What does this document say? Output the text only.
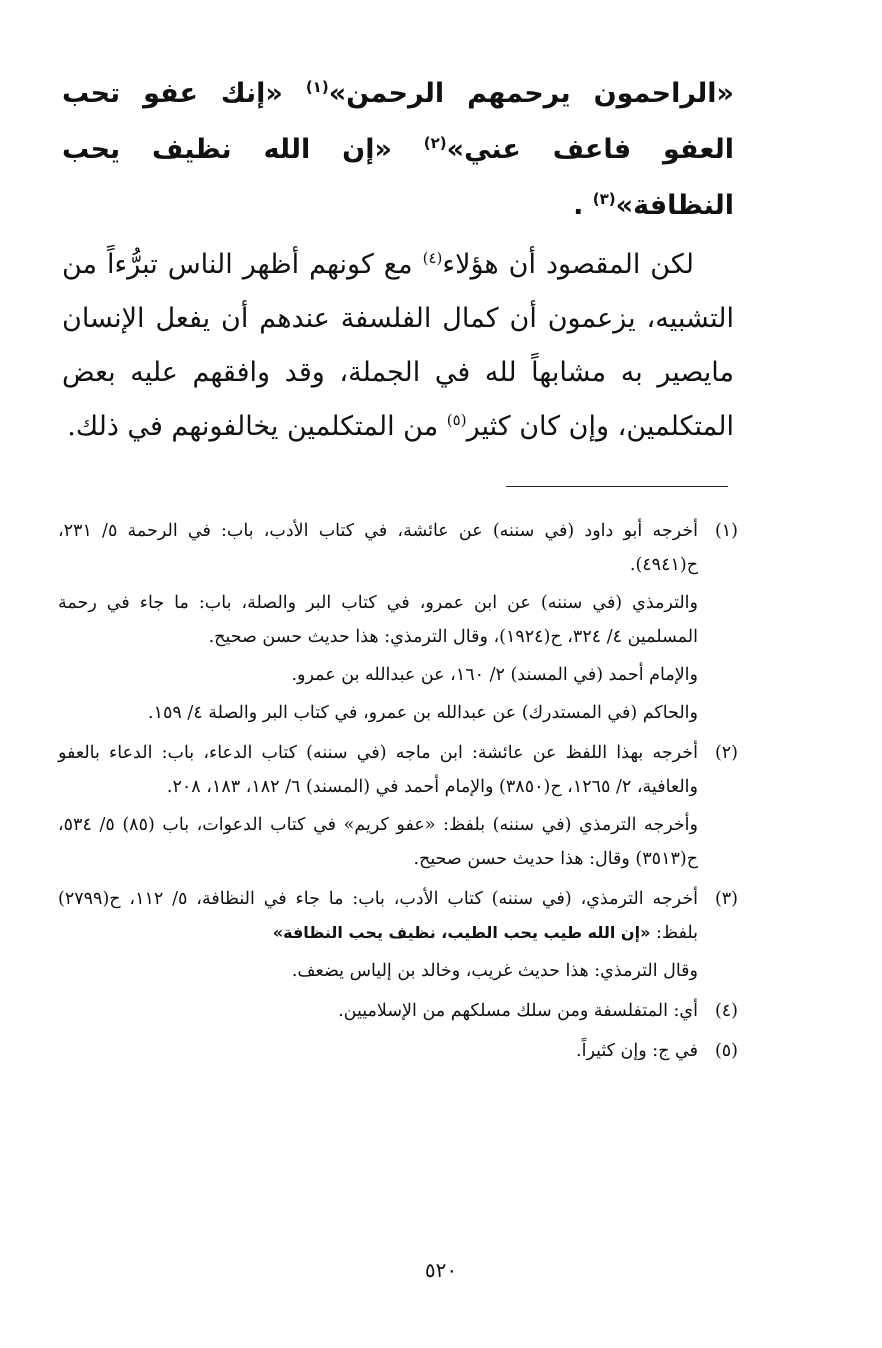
«الراحمون يرحمهم الرحمن»$^{(١)}$ «إنك عفو تحب العفو فاعف عني»$^{(٢)}$ «إن الله نظيف يحب النظافة»$^{(٣)}$ .

لكن المقصود أن هؤلاء$^{(٤)}$ مع كونهم أظهر الناس تبرُّءاً من التشبيه، يزعمون أن كمال الفلسفة عندهم أن يفعل الإنسان مايصير به مشابهاً لله في الجملة، وقد وافقهم عليه بعض المتكلمين، وإن كان كثير$^{(٥)}$ من المتكلمين يخالفونهم في ذلك.

(١)

أخرجه أبو داود (في سننه) عن عائشة، في كتاب الأدب، باب: في الرحمة ٥/ ٢٣١، ح(٤٩٤١).

والترمذي (في سننه) عن ابن عمرو، في كتاب البر والصلة، باب: ما جاء في رحمة المسلمين ٤/ ٣٢٤، ح(١٩٢٤)، وقال الترمذي: هذا حديث حسن صحيح.

والإمام أحمد (في المسند) ٢/ ١٦٠، عن عبدالله بن عمرو.

والحاكم (في المستدرك) عن عبدالله بن عمرو، في كتاب البر والصلة ٤/ ١٥٩.

(٢)

أخرجه بهذا اللفظ عن عائشة: ابن ماجه (في سننه) كتاب الدعاء، باب: الدعاء بالعفو والعافية، ٢/ ١٢٦٥، ح(٣٨٥٠) والإمام أحمد في (المسند) ٦/ ١٨٢، ١٨٣، ٢٠٨.

وأخرجه الترمذي (في سننه) بلفظ: «عفو كريم» في كتاب الدعوات، باب (٨٥) ٥/ ٥٣٤، ح(٣٥١٣) وقال: هذا حديث حسن صحيح.

(٣)

أخرجه الترمذي، (في سننه) كتاب الأدب، باب: ما جاء في النظافة، ٥/ ١١٢، ح(٢٧٩٩) بلفظ: «إن الله طيب يحب الطيب، نظيف يحب النظافة»

وقال الترمذي: هذا حديث غريب، وخالد بن إلياس يضعف.

(٤)

أي: المتفلسفة ومن سلك مسلكهم من الإسلاميين.

(٥)

في ج: وإن كثيراً.

٥٢٠
